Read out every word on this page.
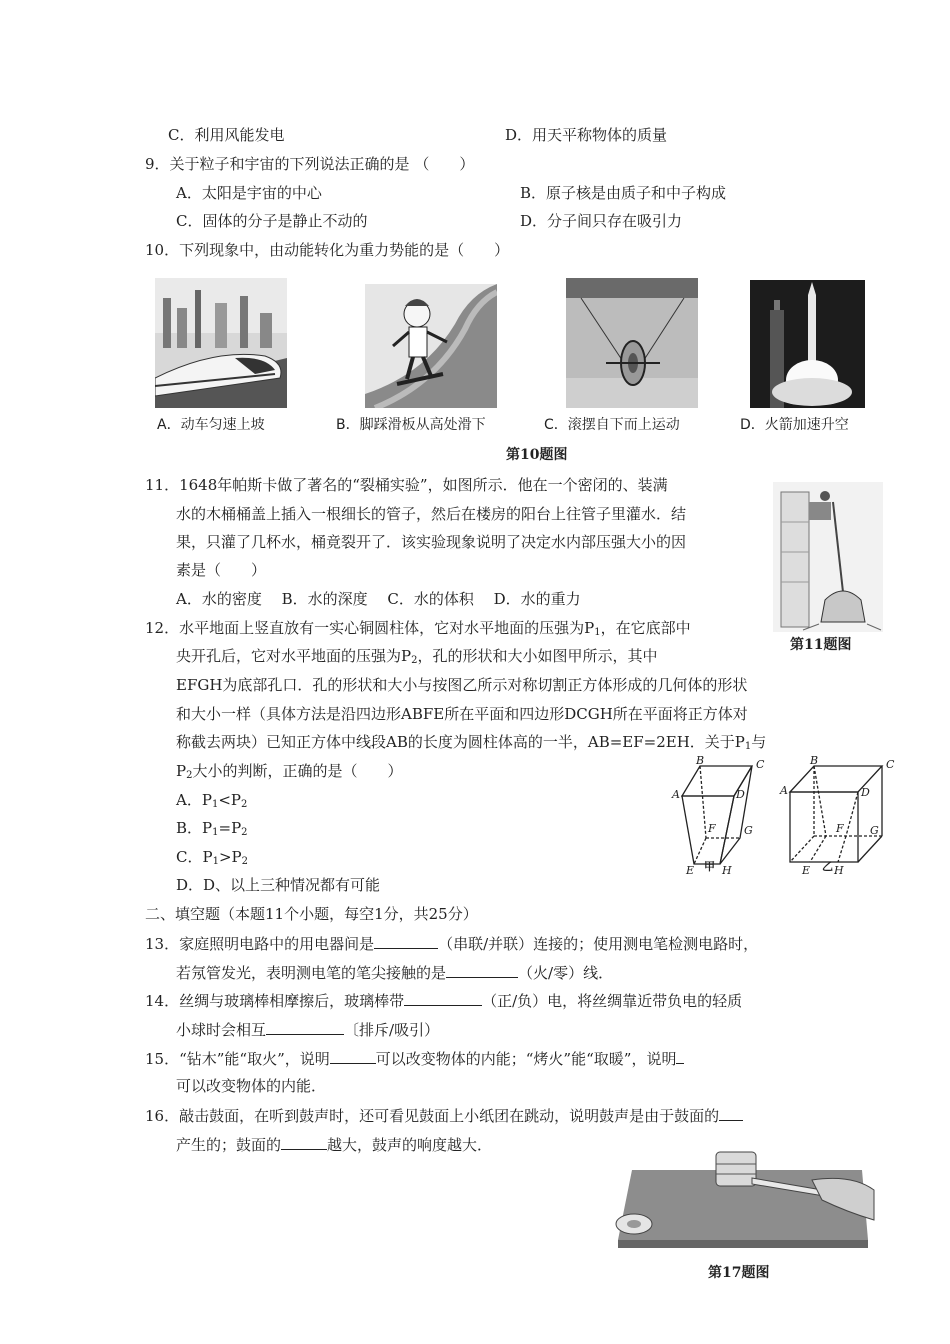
C．利用风能发电	D．用天平称物体的质量
9．关于粒子和宇宙的下列说法正确的是 （　　）
A．太阳是宇宙的中心	B．原子核是由质子和中子构成
C．固体的分子是静止不动的	D．分子间只存在吸引力
10．下列现象中，由动能转化为重力势能的是（　　）
A．动车匀速上坡	B．脚踩滑板从高处滑下	C．滚摆自下而上运动	D．火箭加速升空
第10题图
11．1648年帕斯卡做了著名的“裂桶实验”，如图所示．他在一个密闭的、装满
水的木桶桶盖上插入一根细长的管子，然后在楼房的阳台上往管子里灌水．结
果，只灌了几杯水，桶竟裂开了．该实验现象说明了决定水内部压强大小的因
素是（　　）
A．水的密度　 B．水的深度　 C．水的体积　 D．水的重力
第11题图
12．水平地面上竖直放有一实心铜圆柱体，它对水平地面的压强为$P_1$，在它底部中
央开孔后，它对水平地面的压强为$P_2$，孔的形状和大小如图甲所示，其中
EFGH为底部孔口．孔的形状和大小与按图乙所示对称切割正方体形成的几何体的形状
和大小一样（具体方法是沿四边形ABFE所在平面和四边形DCGH所在平面将正方体对
称截去两块）已知正方体中线段AB的长度为圆柱体高的一半，AB=EF=2EH．关于$P_1$与
$P_2$大小的判断，正确的是（　　）
A．$P_1<P_2$
B．$P_1=P_2$
C．$P_1>P_2$
D．D、以上三种情况都有可能
B	C
A	D
F	G
E	H
B	C
A	D
F G
E H
甲	乙
二、填空题（本题11个小题，每空1分，共25分）
13．家庭照明电路中的用电器间是	（串联/并联）连接的；使用测电笔检测电路时，
若氖管发光，表明测电笔的笔尖接触的是	（火/零）线．
14．丝绸与玻璃棒相摩擦后，玻璃棒带	（正/负）电，将丝绸靠近带负电的轻质
小球时会相互	〔排斥/吸引）
15．“钻木”能“取火”，说明	可以改变物体的内能；“烤火”能“取暖”，说明
可以改变物体的内能．
16．敲击鼓面，在听到鼓声时，还可看见鼓面上小纸团在跳动，说明鼓声是由于鼓面的
产生的；鼓面的	越大，鼓声的响度越大．
第17题图
